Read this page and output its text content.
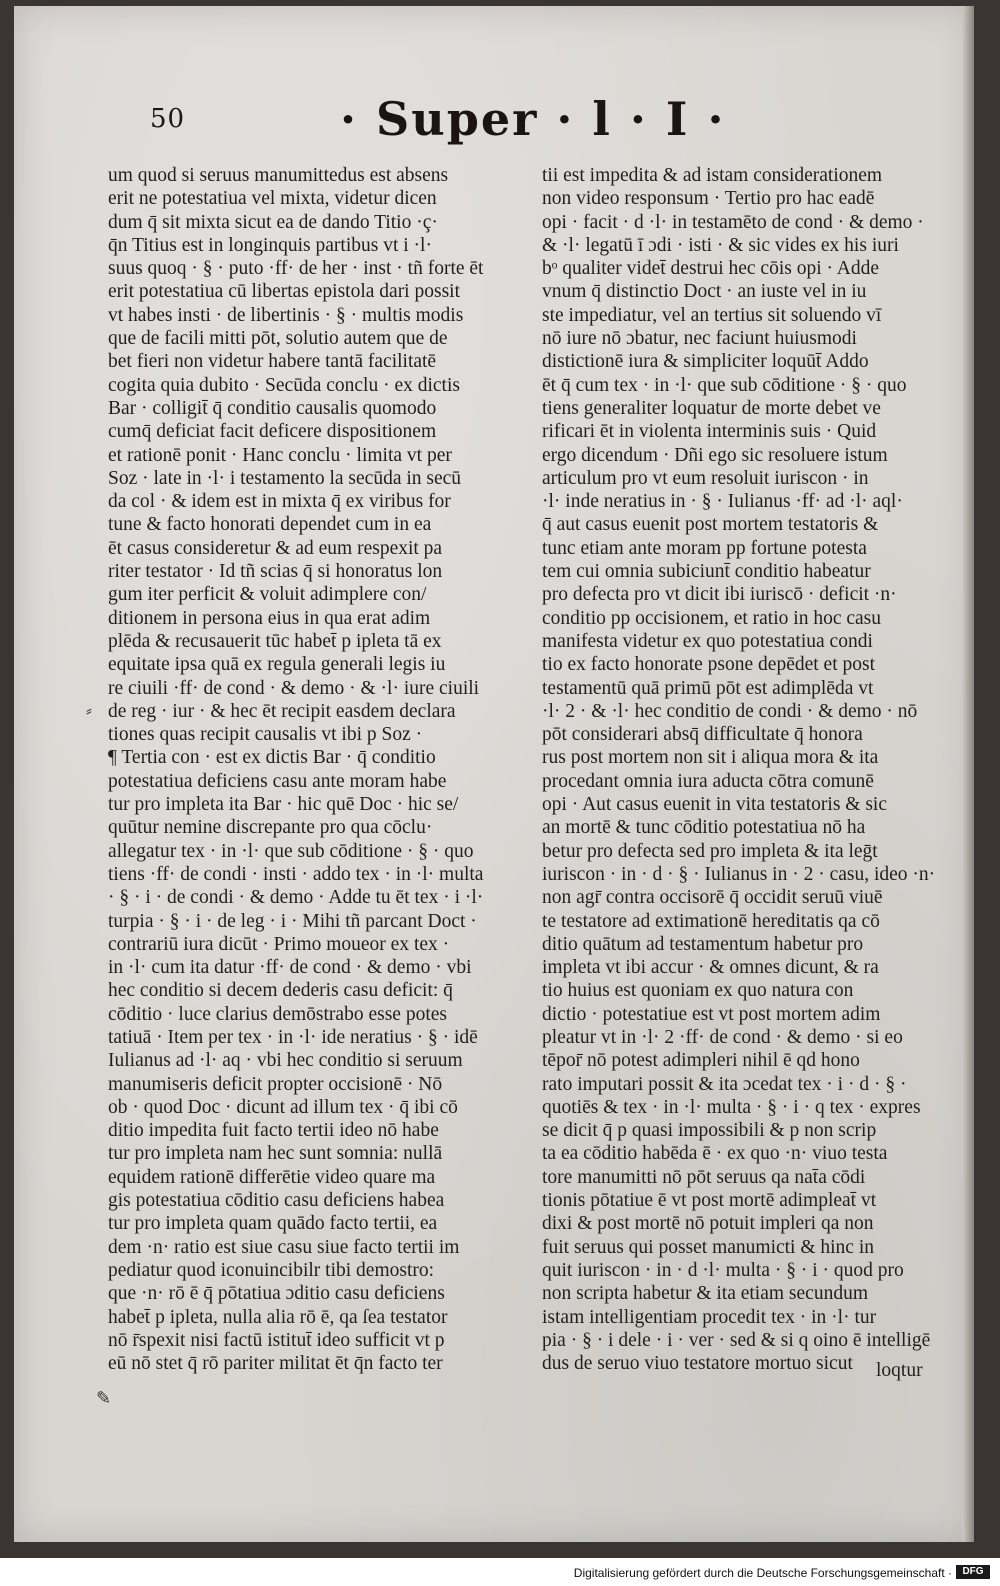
50	· Super · l · I ·
um quod si seruus manumittedus est absens
erit ne potestatiua vel mixta, videtur dicen
dum q̄ sit mixta sicut ea de dando Titio ·ç·
q̄n Titius est in longinquis partibus vt i ·l·
suus quoq · § · puto ·ff· de her · inst · tñ forte ēt
erit potestatiua cū libertas epistola dari possit
vt habes insti · de libertinis · § · multis modis
que de facili mitti pōt, solutio autem que de
bet fieri non videtur habere tantā facilitatē
cogita quia dubito · Secūda conclu · ex dictis
Bar · colligit̄ q̄ conditio causalis quomodo
cumq̄ deficiat facit deficere dispositionem
et rationē ponit · Hanc conclu · limita vt per
Soz · late in ·l· i testamento la secūda in secū
da col · & idem est in mixta q̄ ex viribus for
tune & facto honorati dependet cum in ea
ēt casus consideretur & ad eum respexit pa
riter testator · Id tñ scias q̄ si honoratus lon
gum iter perficit & voluit adimplere con/
ditionem in persona eius in qua erat adim
plēda & recusauerit tūc habet̄ p ipleta tā ex
equitate ipsa quā ex regula generali legis iu
re ciuili ·ff· de cond · & demo · & ·l· iure ciuili
de reg · iur · & hec ēt recipit easdem declara
tiones quas recipit causalis vt ibi p Soz ·
¶ Tertia con · est ex dictis Bar · q̄ conditio
potestatiua deficiens casu ante moram habe
tur pro impleta ita Bar · hic quē Doc · hic se/
quūtur nemine discrepante pro qua cōclu·
allegatur tex · in ·l· que sub cōditione · § · quo
tiens ·ff· de condi · insti · addo tex · in ·l· multa
· § · i · de condi · & demo · Adde tu ēt tex · i ·l·
turpia · § · i · de leg · i · Mihi tñ parcant Doct ·
contrariū iura dicūt · Primo moueor ex tex ·
in ·l· cum ita datur ·ff· de cond · & demo · vbi
hec conditio si decem dederis casu deficit: q̄
cōditio · luce clarius demōstrabo esse potes
tatiuā · Item per tex · in ·l· ide neratius · § · idē
Iulianus ad ·l· aq · vbi hec conditio si seruum
manumiseris deficit propter occisionē · Nō
ob · quod Doc · dicunt ad illum tex · q̄ ibi cō
ditio impedita fuit facto tertii ideo nō habe
tur pro impleta nam hec sunt somnia: nullā
equidem rationē differētie video quare ma
gis potestatiua cōditio casu deficiens habea
tur pro impleta quam quādo facto tertii, ea
dem ·n· ratio est siue casu siue facto tertii im
pediatur quod iconuincibilr tibi demostro:
que ·n· rō ē q̄ pōtatiua ɔditio casu deficiens
habet̄ p ipleta, nulla alia rō ē, qa ſea testator
nō r̄spexit nisi factū istitut̄ ideo sufficit vt p
eū nō stet q̄ rō pariter militat ēt q̄n facto ter
tii est impedita & ad istam considerationem
non video responsum · Tertio pro hac eadē
opi · facit · d ·l· in testamēto de cond · & demo ·
& ·l· legatū ī ɔdi · isti · & sic vides ex his iuri
bᵒ qualiter videt̄ destrui hec cōis opi · Adde
vnum q̄ distinctio Doct · an iuste vel in iu
ste impediatur, vel an tertius sit soluendo vī
nō iure nō ɔbatur, nec faciunt huiusmodi
distictionē iura & simpliciter loquūt̄ Addo
ēt q̄ cum tex · in ·l· que sub cōditione · § · quo
tiens generaliter loquatur de morte debet ve
rificari ēt in violenta interminis suis · Quid
ergo dicendum · Dñi ego sic resoluere istum
articulum pro vt eum resoluit iuriscon · in
·l· inde neratius in · § · Iulianus ·ff· ad ·l· aql·
q̄ aut casus euenit post mortem testatoris &
tunc etiam ante moram pp fortune potesta
tem cui omnia subiciunt̄ conditio habeatur
pro defecta pro vt dicit ibi iuriscō · deficit ·n·
conditio pp occisionem, et ratio in hoc casu
manifesta videtur ex quo potestatiua condi
tio ex facto honorate psone depēdet et post
testamentū quā primū pōt est adimplēda vt
·l· 2 · & ·l· hec conditio de condi · & demo · nō
pōt considerari absq̄ difficultate q̄ honora
rus post mortem non sit i aliqua mora & ita
procedant omnia iura aducta cōtra comunē
opi · Aut casus euenit in vita testatoris & sic
an mortē & tunc cōditio potestatiua nō ha
betur pro defecta sed pro impleta & ita leḡt
iuriscon · in · d · § · Iulianus in · 2 · casu, ideo ·n·
non agr̄ contra occisorē q̄ occidit seruū viuē
te testatore ad extimationē hereditatis qa cō
ditio quātum ad testamentum habetur pro
impleta vt ibi accur · & omnes dicunt, & ra
tio huius est quoniam ex quo natura con
dictio · potestatiue est vt post mortem adim
pleatur vt in ·l· 2 ·ff· de cond · & demo · si eo
tēpor̄ nō potest adimpleri nihil ē qd hono
rato imputari possit & ita ɔcedat tex · i · d · § ·
quotiēs & tex · in ·l· multa · § · i · q tex · expres
se dicit q̄ p quasi impossibili & p non scrip
ta ea cōditio habēda ē · ex quo ·n· viuo testa
tore manumitti nō pōt seruus qa nat̄a cōdi
tionis pōtatiue ē vt post mortē adimpleat̄ vt
dixi & post mortē nō potuit impleri qa non
fuit seruus qui posset manumicti & hinc in
quit iuriscon · in · d ·l· multa · § · i · quod pro
non scripta habetur & ita etiam secundum
istam intelligentiam procedit tex · in ·l· tur
pia · § · i dele · i · ver · sed & si q oino ē intelligē
dus de seruo viuo testatore mortuo sicut	loqtur
⸗
✎
Digitalisierung gefördert durch die Deutsche Forschungsgemeinschaft ·	DFG
